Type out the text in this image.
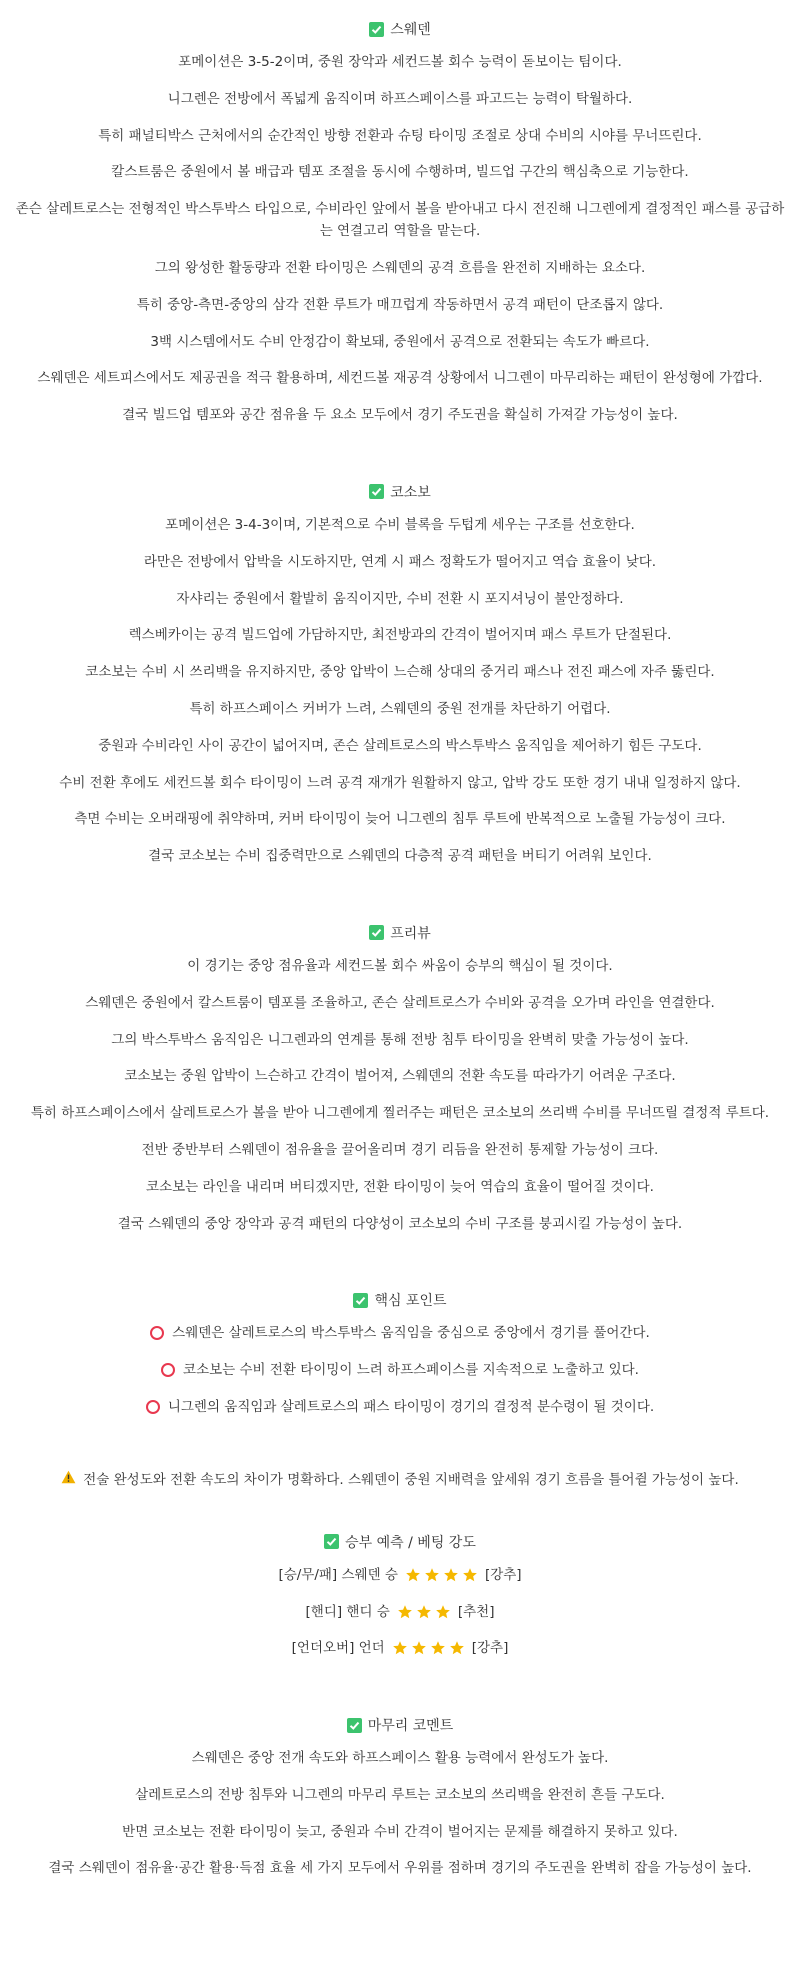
스웨덴

포메이션은 3-5-2이며, 중원 장악과 세컨드볼 회수 능력이 돋보이는 팀이다.

니그렌은 전방에서 폭넓게 움직이며 하프스페이스를 파고드는 능력이 탁월하다.

특히 패널티박스 근처에서의 순간적인 방향 전환과 슈팅 타이밍 조절로 상대 수비의 시야를 무너뜨린다.

칼스트룸은 중원에서 볼 배급과 템포 조절을 동시에 수행하며, 빌드업 구간의 핵심축으로 기능한다.

존슨 살레트로스는 전형적인 박스투박스 타입으로, 수비라인 앞에서 볼을 받아내고 다시 전진해 니그렌에게 결정적인 패스를 공급하는 연결고리 역할을 맡는다.

그의 왕성한 활동량과 전환 타이밍은 스웨덴의 공격 흐름을 완전히 지배하는 요소다.

특히 중앙-측면-중앙의 삼각 전환 루트가 매끄럽게 작동하면서 공격 패턴이 단조롭지 않다.

3백 시스템에서도 수비 안정감이 확보돼, 중원에서 공격으로 전환되는 속도가 빠르다.

스웨덴은 세트피스에서도 제공권을 적극 활용하며, 세컨드볼 재공격 상황에서 니그렌이 마무리하는 패턴이 완성형에 가깝다.

결국 빌드업 템포와 공간 점유율 두 요소 모두에서 경기 주도권을 확실히 가져갈 가능성이 높다.

코소보

포메이션은 3-4-3이며, 기본적으로 수비 블록을 두텁게 세우는 구조를 선호한다.

라만은 전방에서 압박을 시도하지만, 연계 시 패스 정확도가 떨어지고 역습 효율이 낮다.

자샤리는 중원에서 활발히 움직이지만, 수비 전환 시 포지셔닝이 불안정하다.

렉스베카이는 공격 빌드업에 가담하지만, 최전방과의 간격이 벌어지며 패스 루트가 단절된다.

코소보는 수비 시 쓰리백을 유지하지만, 중앙 압박이 느슨해 상대의 중거리 패스나 전진 패스에 자주 뚫린다.

특히 하프스페이스 커버가 느려, 스웨덴의 중원 전개를 차단하기 어렵다.

중원과 수비라인 사이 공간이 넓어지며, 존슨 살레트로스의 박스투박스 움직임을 제어하기 힘든 구도다.

수비 전환 후에도 세컨드볼 회수 타이밍이 느려 공격 재개가 원활하지 않고, 압박 강도 또한 경기 내내 일정하지 않다.

측면 수비는 오버래핑에 취약하며, 커버 타이밍이 늦어 니그렌의 침투 루트에 반복적으로 노출될 가능성이 크다.

결국 코소보는 수비 집중력만으로 스웨덴의 다층적 공격 패턴을 버티기 어려워 보인다.

프리뷰

이 경기는 중앙 점유율과 세컨드볼 회수 싸움이 승부의 핵심이 될 것이다.

스웨덴은 중원에서 칼스트룸이 템포를 조율하고, 존슨 살레트로스가 수비와 공격을 오가며 라인을 연결한다.

그의 박스투박스 움직임은 니그렌과의 연계를 통해 전방 침투 타이밍을 완벽히 맞출 가능성이 높다.

코소보는 중원 압박이 느슨하고 간격이 벌어져, 스웨덴의 전환 속도를 따라가기 어려운 구조다.

특히 하프스페이스에서 살레트로스가 볼을 받아 니그렌에게 찔러주는 패턴은 코소보의 쓰리백 수비를 무너뜨릴 결정적 루트다.

전반 중반부터 스웨덴이 점유율을 끌어올리며 경기 리듬을 완전히 통제할 가능성이 크다.

코소보는 라인을 내리며 버티겠지만, 전환 타이밍이 늦어 역습의 효율이 떨어질 것이다.

결국 스웨덴의 중앙 장악과 공격 패턴의 다양성이 코소보의 수비 구조를 붕괴시킬 가능성이 높다.

핵심 포인트
스웨덴은 살레트로스의 박스투박스 움직임을 중심으로 중앙에서 경기를 풀어간다.
코소보는 수비 전환 타이밍이 느려 하프스페이스를 지속적으로 노출하고 있다.
니그렌의 움직임과 살레트로스의 패스 타이밍이 경기의 결정적 분수령이 될 것이다.
전술 완성도와 전환 속도의 차이가 명확하다. 스웨덴이 중원 지배력을 앞세워 경기 흐름을 틀어쥘 가능성이 높다.
승부 예측 / 베팅 강도
[승/무/패] 스웨덴 승	[강추]
[핸디] 핸디 승	[추천]
[언더오버] 언더	[강추]
마무리 코멘트

스웨덴은 중앙 전개 속도와 하프스페이스 활용 능력에서 완성도가 높다.

살레트로스의 전방 침투와 니그렌의 마무리 루트는 코소보의 쓰리백을 완전히 흔들 구도다.

반면 코소보는 전환 타이밍이 늦고, 중원과 수비 간격이 벌어지는 문제를 해결하지 못하고 있다.

결국 스웨덴이 점유율·공간 활용·득점 효율 세 가지 모두에서 우위를 점하며 경기의 주도권을 완벽히 잡을 가능성이 높다.
